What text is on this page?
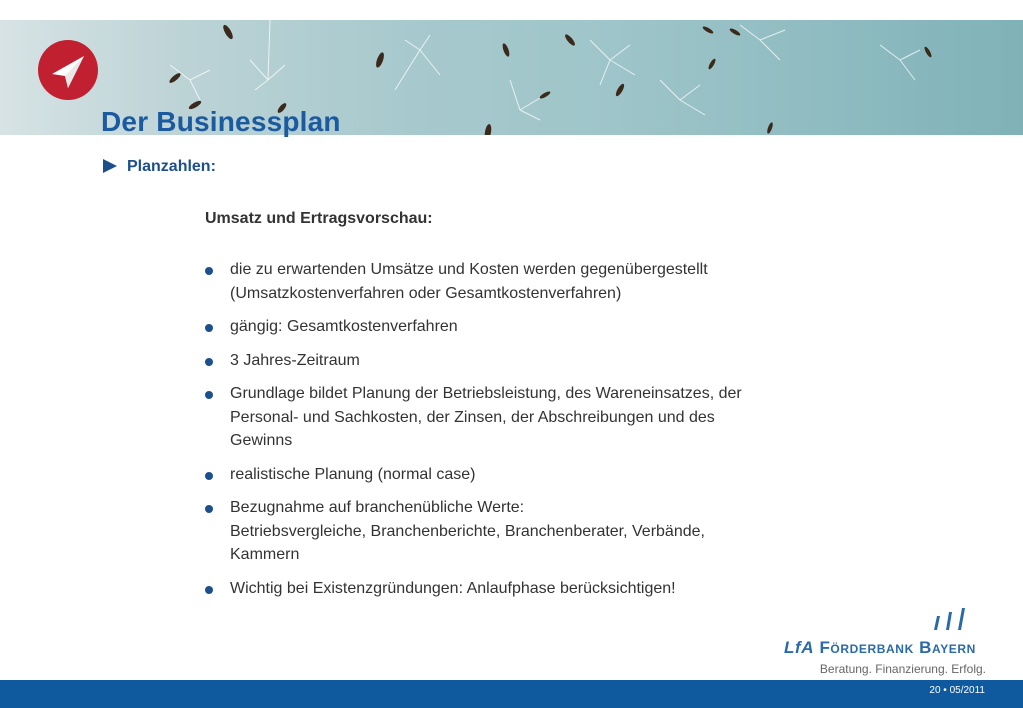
Der Businessplan
Planzahlen:
Umsatz und Ertragsvorschau:
die zu erwartenden Umsätze und Kosten werden gegenübergestellt
(Umsatzkostenverfahren oder Gesamtkostenverfahren)
gängig: Gesamtkostenverfahren
3 Jahres-Zeitraum
Grundlage bildet Planung der Betriebsleistung, des Wareneinsatzes, der
Personal- und Sachkosten, der Zinsen, der Abschreibungen und des
Gewinns
realistische Planung (normal case)
Bezugnahme auf branchenübliche Werte:
Betriebsvergleiche, Branchenberichte, Branchenberater, Verbände,
Kammern
Wichtig bei Existenzgründungen: Anlaufphase berücksichtigen!
LfA Förderbank Bayern
Beratung. Finanzierung. Erfolg.
20 • 05/2011
